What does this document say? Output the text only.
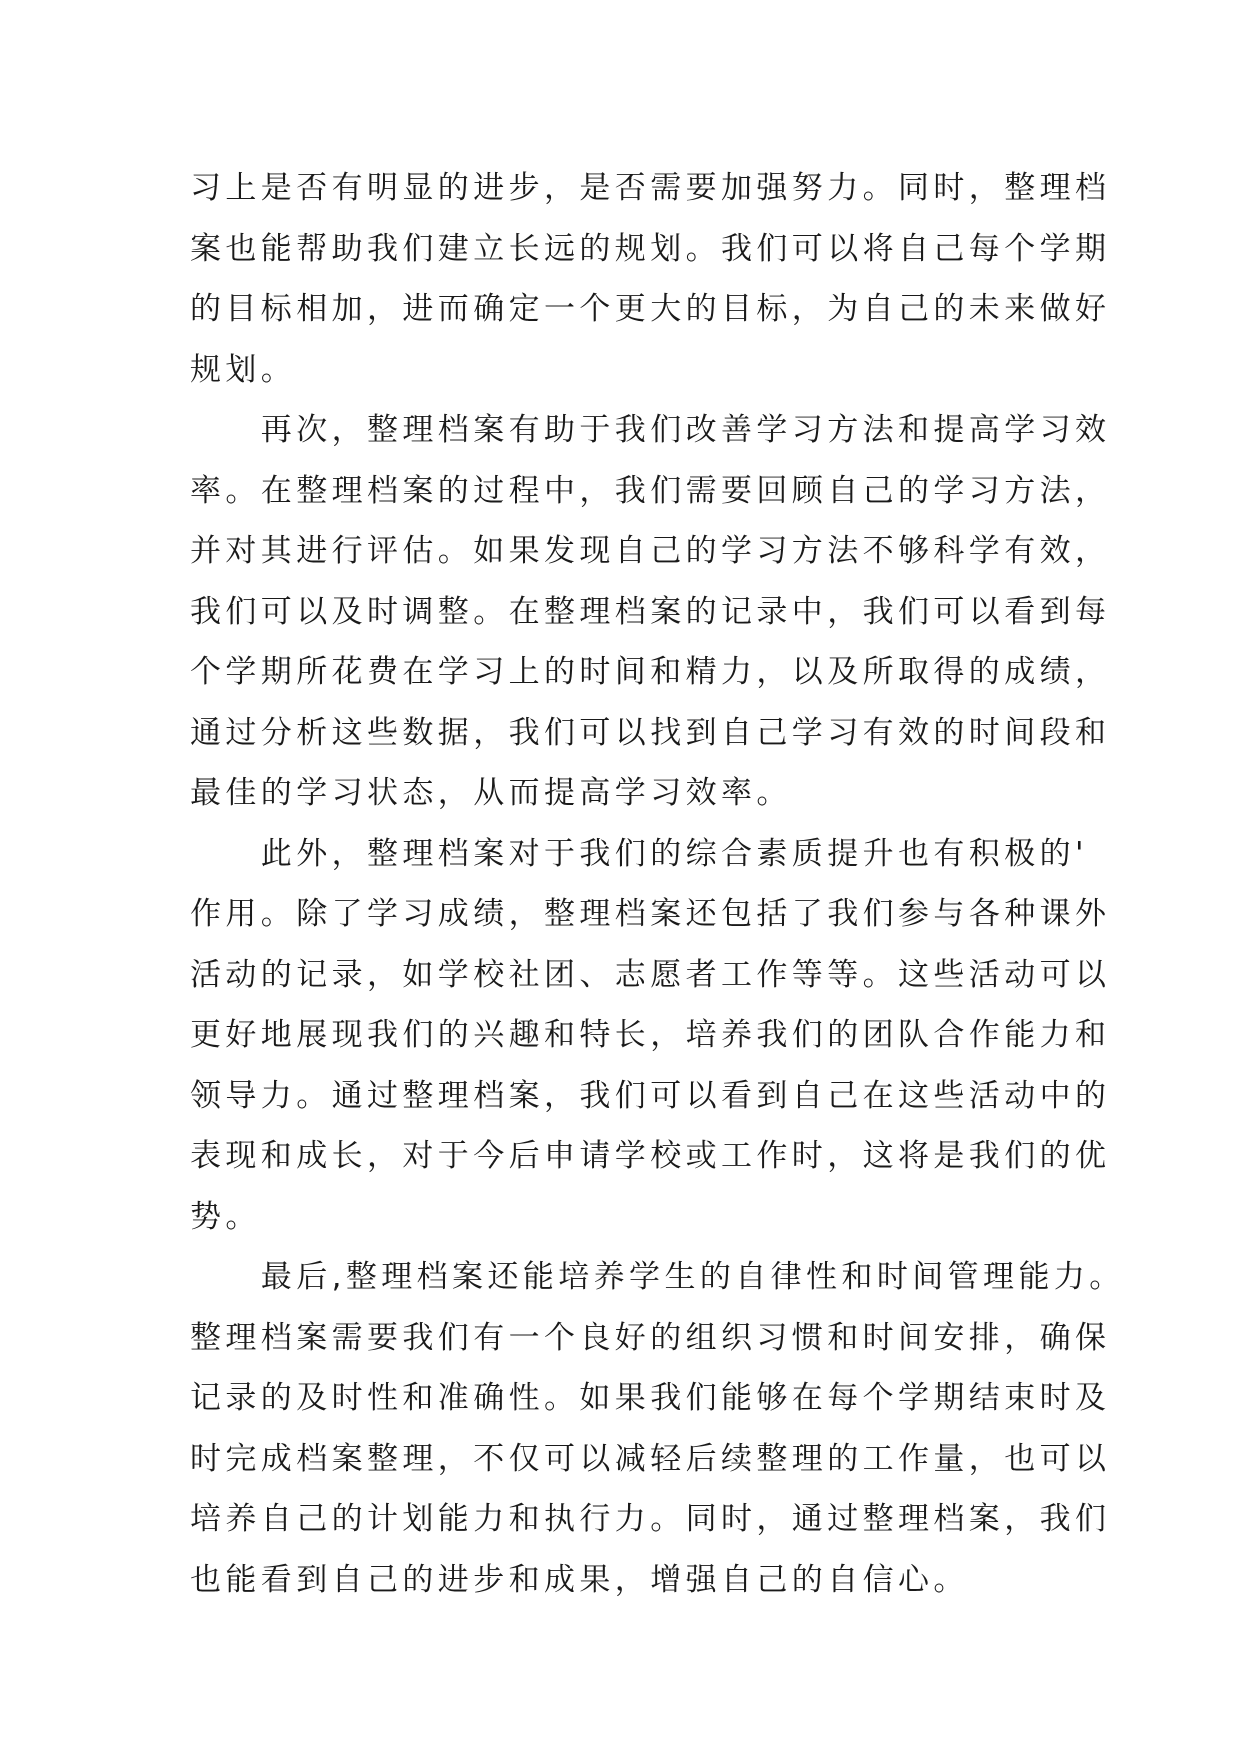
习上是否有明显的进步，是否需要加强努力。同时，整理档
案也能帮助我们建立长远的规划。我们可以将自己每个学期
的目标相加，进而确定一个更大的目标，为自己的未来做好
规划。
　　再次，整理档案有助于我们改善学习方法和提高学习效
率。在整理档案的过程中，我们需要回顾自己的学习方法，
并对其进行评估。如果发现自己的学习方法不够科学有效，
我们可以及时调整。在整理档案的记录中，我们可以看到每
个学期所花费在学习上的时间和精力，以及所取得的成绩，
通过分析这些数据，我们可以找到自己学习有效的时间段和
最佳的学习状态，从而提高学习效率。
　　此外，整理档案对于我们的综合素质提升也有积极的'
作用。除了学习成绩，整理档案还包括了我们参与各种课外
活动的记录，如学校社团、志愿者工作等等。这些活动可以
更好地展现我们的兴趣和特长，培养我们的团队合作能力和
领导力。通过整理档案，我们可以看到自己在这些活动中的
表现和成长，对于今后申请学校或工作时，这将是我们的优
势。
　　最后,整理档案还能培养学生的自律性和时间管理能力。
整理档案需要我们有一个良好的组织习惯和时间安排，确保
记录的及时性和准确性。如果我们能够在每个学期结束时及
时完成档案整理，不仅可以减轻后续整理的工作量，也可以
培养自己的计划能力和执行力。同时，通过整理档案，我们
也能看到自己的进步和成果，增强自己的自信心。
